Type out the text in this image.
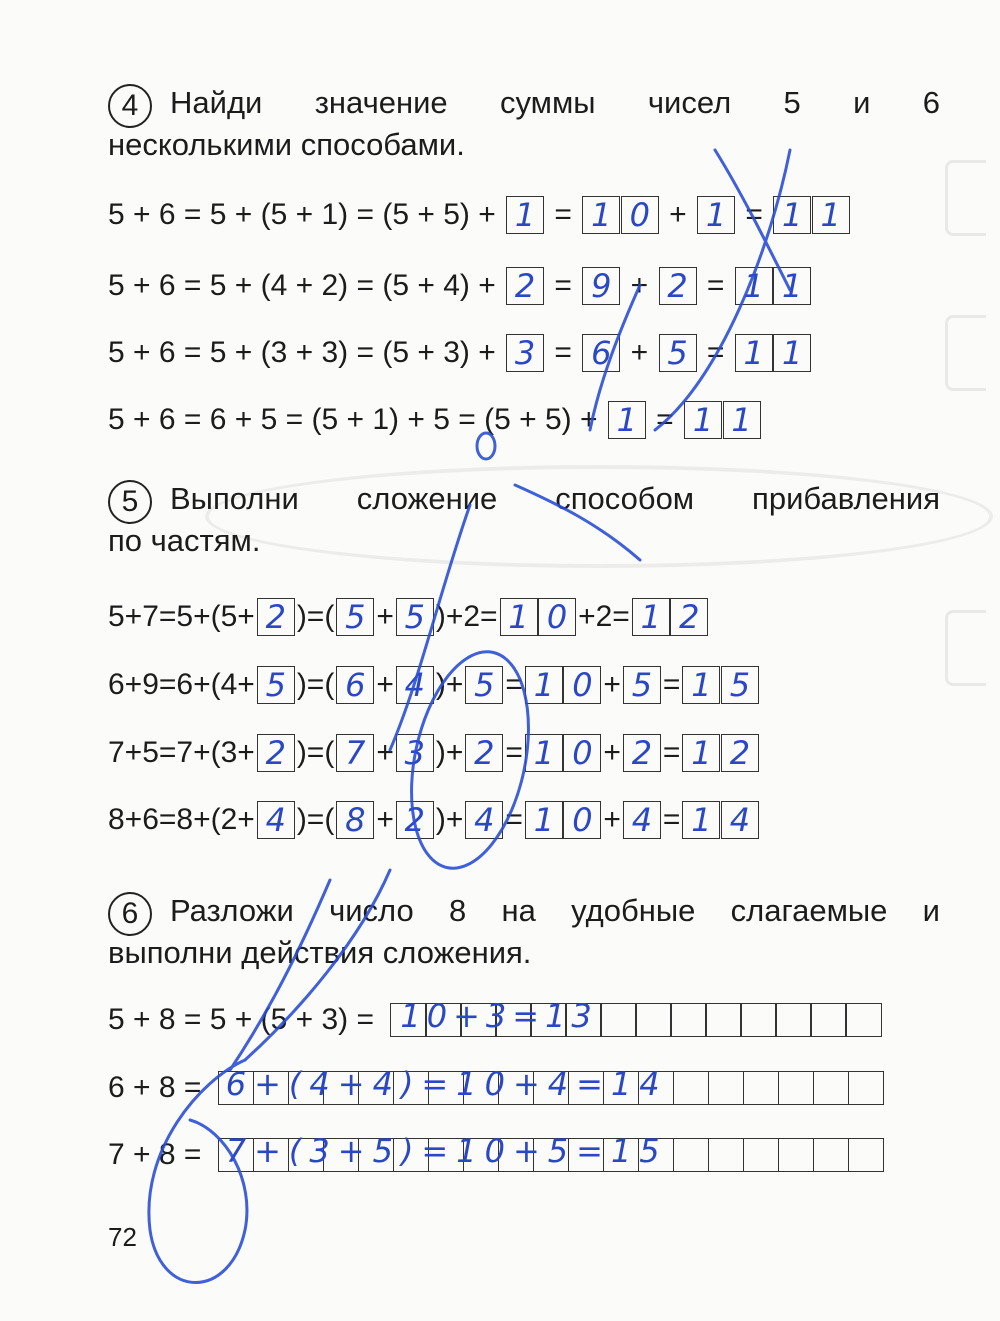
4	Найди значение суммы чисел 5 и 6
несколькими способами.

5 + 6 = 5 + (5 + 1) = (5 + 5) + 1 = 1 0 + 1 = 1 1
5 + 6 = 5 + (4 + 2) = (5 + 4) + 2 = 9 + 2 = 1 1
5 + 6 = 5 + (3 + 3) = (5 + 3) + 3 = 6 + 5 = 1 1
5 + 6 = 6 + 5 = (5 + 1) + 5 = (5 + 5) + 1 = 1 1
5	Выполни сложение способом прибавления
по частям.

5+7=5+(5+ 2 )=( 5 + 5 )+2= 1 0 +2= 1 2
6+9=6+(4+ 5 )=( 6 + 4 )+ 5 = 1 0 + 5 = 1 5
7+5=7+(3+ 2 )=( 7 + 3 )+ 2 = 1 0 + 2 = 1 2
8+6=8+(2+ 4 )=( 8 + 2 )+ 4 = 1 0 + 4 = 1 4
6	Разложи число 8 на удобные слагаемые и
выполни действия сложения.

5 + 8 = 5 + (5 + 3) = 10+3=13
6 + 8 = 6+(4+4)=10+4=14
7 + 8 = 7+(3+5)=10+5=15
72
